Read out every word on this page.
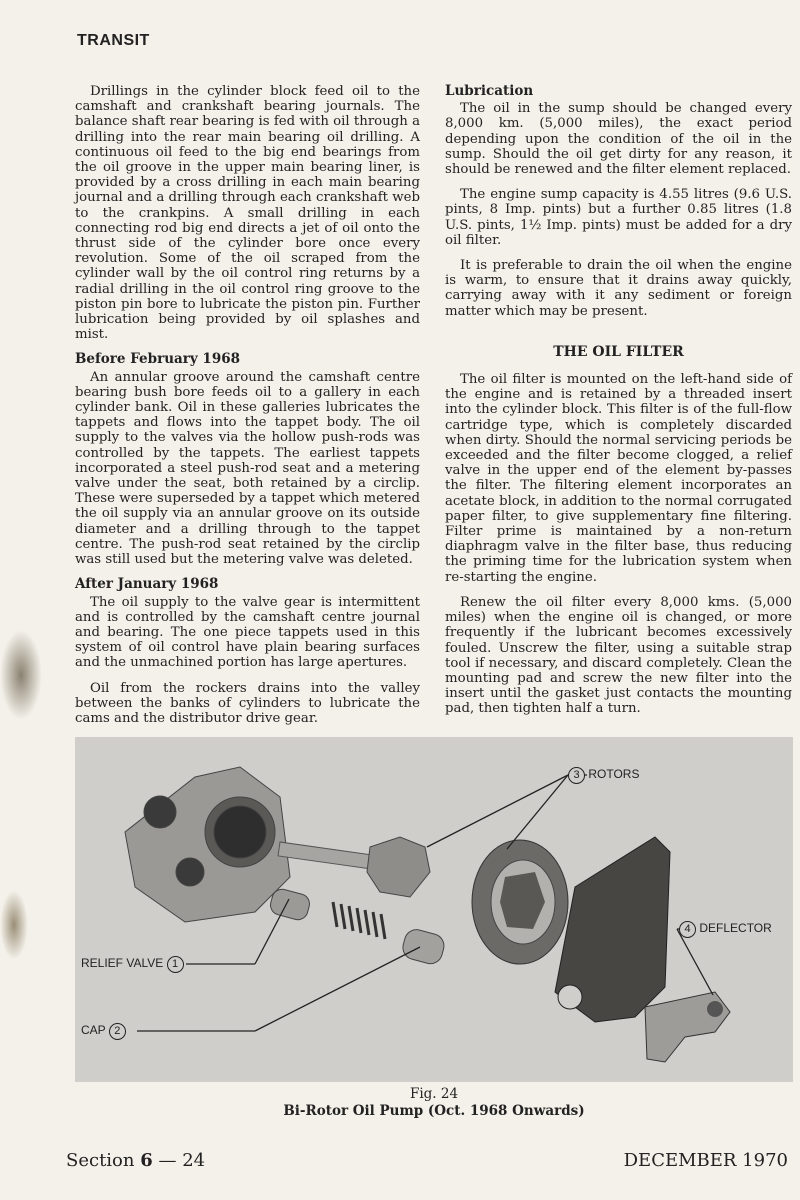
TRANSIT

Drillings in the cylinder block feed oil to the camshaft and crankshaft bearing journals. The balance shaft rear bearing is fed with oil through a drilling into the rear main bearing oil drilling. A continuous oil feed to the big end bearings from the oil groove in the upper main bearing liner, is provided by a cross drilling in each main bearing journal and a drilling through each crankshaft web to the crankpins. A small drilling in each connecting rod big end directs a jet of oil onto the thrust side of the cylinder bore once every revolution. Some of the oil scraped from the cylinder wall by the oil control ring returns by a radial drilling in the oil control ring groove to the piston pin bore to lubricate the piston pin. Further lubrication being provided by oil splashes and mist.

Before February 1968

An annular groove around the camshaft centre bearing bush bore feeds oil to a gallery in each cylinder bank. Oil in these galleries lubricates the tappets and flows into the tappet body. The oil supply to the valves via the hollow push-rods was controlled by the tappets. The earliest tappets incorporated a steel push-rod seat and a metering valve under the seat, both retained by a circlip. These were superseded by a tappet which metered the oil supply via an annular groove on its outside diameter and a drilling through to the tappet centre. The push-rod seat retained by the circlip was still used but the metering valve was deleted.

After January 1968

The oil supply to the valve gear is intermittent and is controlled by the camshaft centre journal and bearing. The one piece tappets used in this system of oil control have plain bearing surfaces and the unmachined portion has large apertures.

Oil from the rockers drains into the valley between the banks of cylinders to lubricate the cams and the distributor drive gear.

Lubrication

The oil in the sump should be changed every 8,000 km. (5,000 miles), the exact period depending upon the condition of the oil in the sump. Should the oil get dirty for any reason, it should be renewed and the filter element replaced.

The engine sump capacity is 4.55 litres (9.6 U.S. pints, 8 Imp. pints) but a further 0.85 litres (1.8 U.S. pints, 1½ Imp. pints) must be added for a dry oil filter.

It is preferable to drain the oil when the engine is warm, to ensure that it drains away quickly, carrying away with it any sediment or foreign matter which may be present.

THE OIL FILTER

The oil filter is mounted on the left-hand side of the engine and is retained by a threaded insert into the cylinder block. This filter is of the full-flow cartridge type, which is completely discarded when dirty. Should the normal servicing periods be exceeded and the filter become clogged, a relief valve in the upper end of the element by-passes the filter. The filtering element incorporates an acetate block, in addition to the normal corrugated paper filter, to give supplementary fine filtering. Filter prime is maintained by a non-return diaphragm valve in the filter base, thus reducing the priming time for the lubrication system when re-starting the engine.

Renew the oil filter every 8,000 kms. (5,000 miles) when the engine oil is changed, or more frequently if the lubricant becomes excessively fouled. Unscrew the filter, using a suitable strap tool if necessary, and discard completely. Clean the mounting pad and screw the new filter into the insert until the gasket just contacts the mounting pad, then tighten half a turn.

3 ROTORS
4 DEFLECTOR
RELIEF VALVE 1
CAP 2
Fig. 24
Bi-Rotor Oil Pump (Oct. 1968 Onwards)
Section 6 — 24	DECEMBER 1970
